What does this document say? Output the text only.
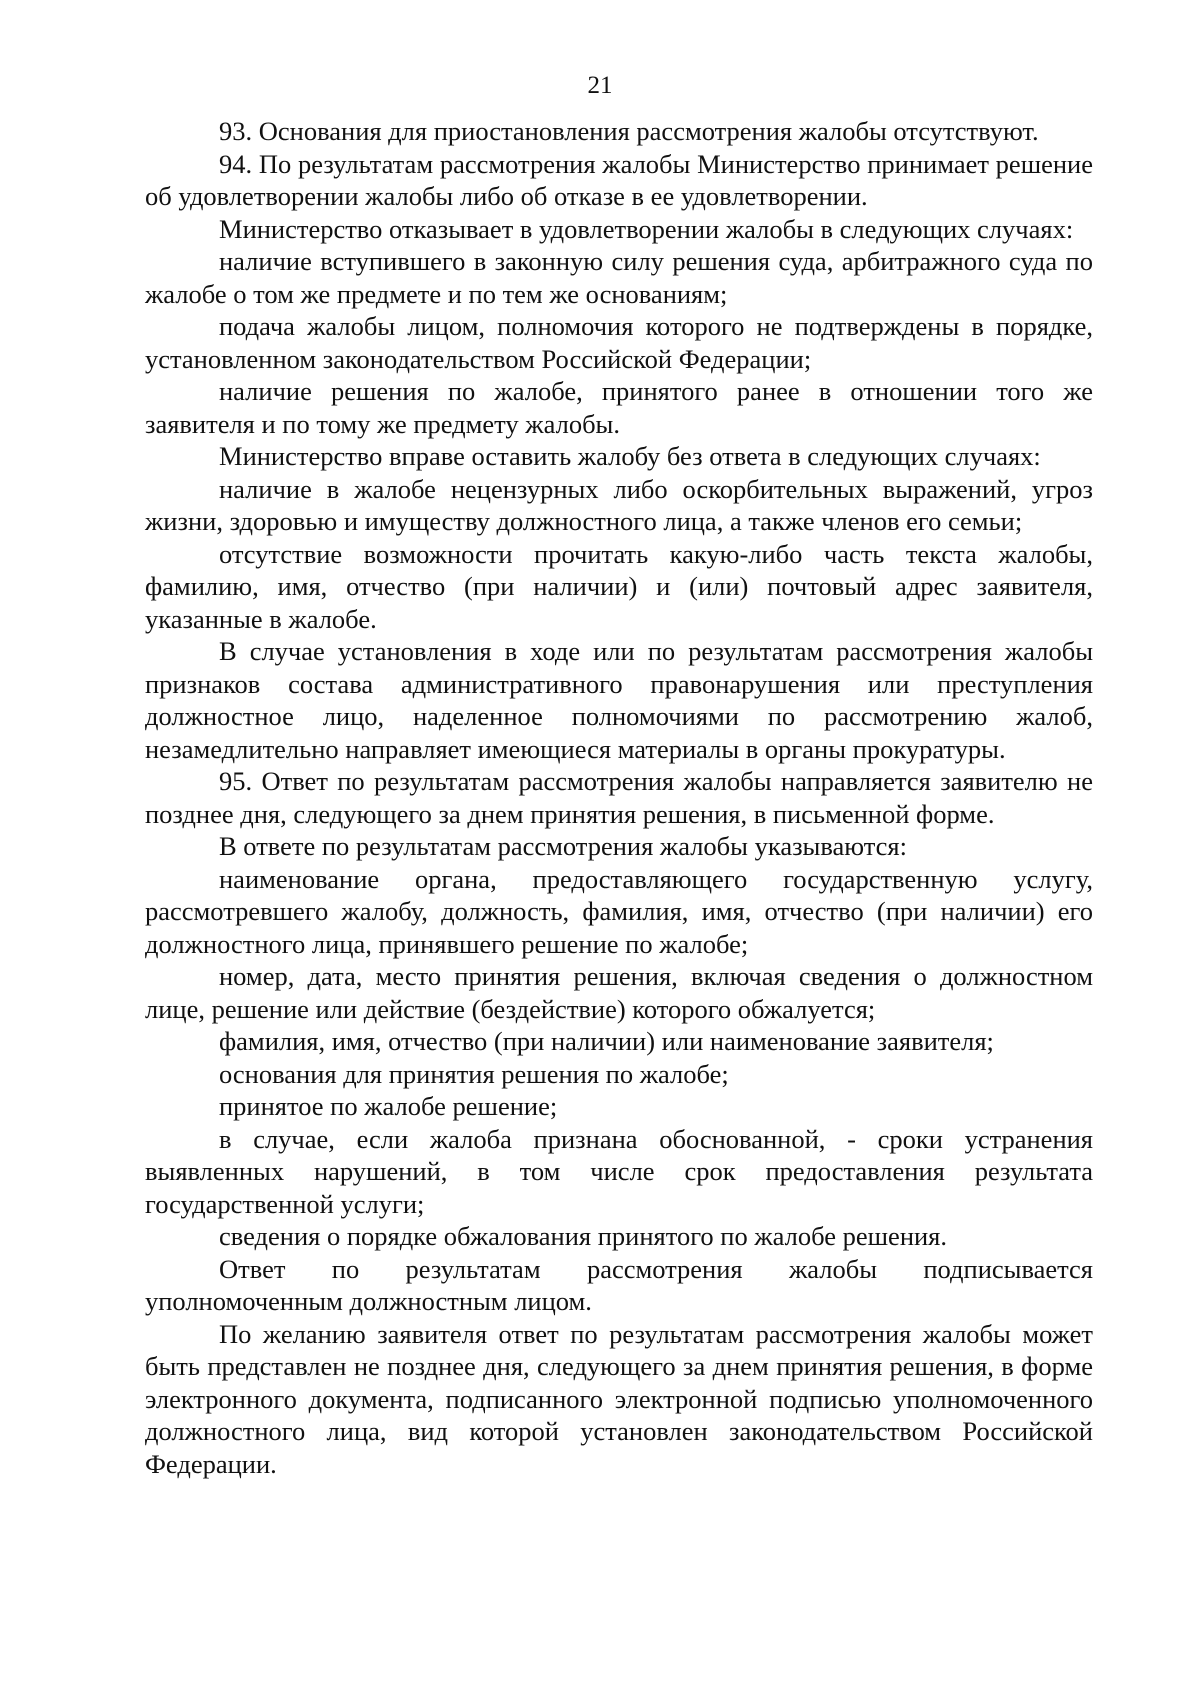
21

93. Основания для приостановления рассмотрения жалобы отсутствуют.

94. По результатам рассмотрения жалобы Министерство принимает решение об удовлетворении жалобы либо об отказе в ее удовлетворении.

Министерство отказывает в удовлетворении жалобы в следующих случаях:

наличие вступившего в законную силу решения суда, арбитражного суда по жалобе о том же предмете и по тем же основаниям;

подача жалобы лицом, полномочия которого не подтверждены в порядке, установленном законодательством Российской Федерации;

наличие решения по жалобе, принятого ранее в отношении того же заявителя и по тому же предмету жалобы.

Министерство вправе оставить жалобу без ответа в следующих случаях:

наличие в жалобе нецензурных либо оскорбительных выражений, угроз жизни, здоровью и имуществу должностного лица, а также членов его семьи;

отсутствие возможности прочитать какую-либо часть текста жалобы, фамилию, имя, отчество (при наличии) и (или) почтовый адрес заявителя, указанные в жалобе.

В случае установления в ходе или по результатам рассмотрения жалобы признаков состава административного правонарушения или преступления должностное лицо, наделенное полномочиями по рассмотрению жалоб, незамедлительно направляет имеющиеся материалы в органы прокуратуры.

95. Ответ по результатам рассмотрения жалобы направляется заявителю не позднее дня, следующего за днем принятия решения, в письменной форме.

В ответе по результатам рассмотрения жалобы указываются:

наименование органа, предоставляющего государственную услугу, рассмотревшего жалобу, должность, фамилия, имя, отчество (при наличии) его должностного лица, принявшего решение по жалобе;

номер, дата, место принятия решения, включая сведения о должностном лице, решение или действие (бездействие) которого обжалуется;

фамилия, имя, отчество (при наличии) или наименование заявителя;

основания для принятия решения по жалобе;

принятое по жалобе решение;

в случае, если жалоба признана обоснованной, - сроки устранения выявленных нарушений, в том числе срок предоставления результата государственной услуги;

сведения о порядке обжалования принятого по жалобе решения.

Ответ по результатам рассмотрения жалобы подписывается уполномоченным должностным лицом.

По желанию заявителя ответ по результатам рассмотрения жалобы может быть представлен не позднее дня, следующего за днем принятия решения, в форме электронного документа, подписанного электронной подписью уполномоченного должностного лица, вид которой установлен законодательством Российской Федерации.
